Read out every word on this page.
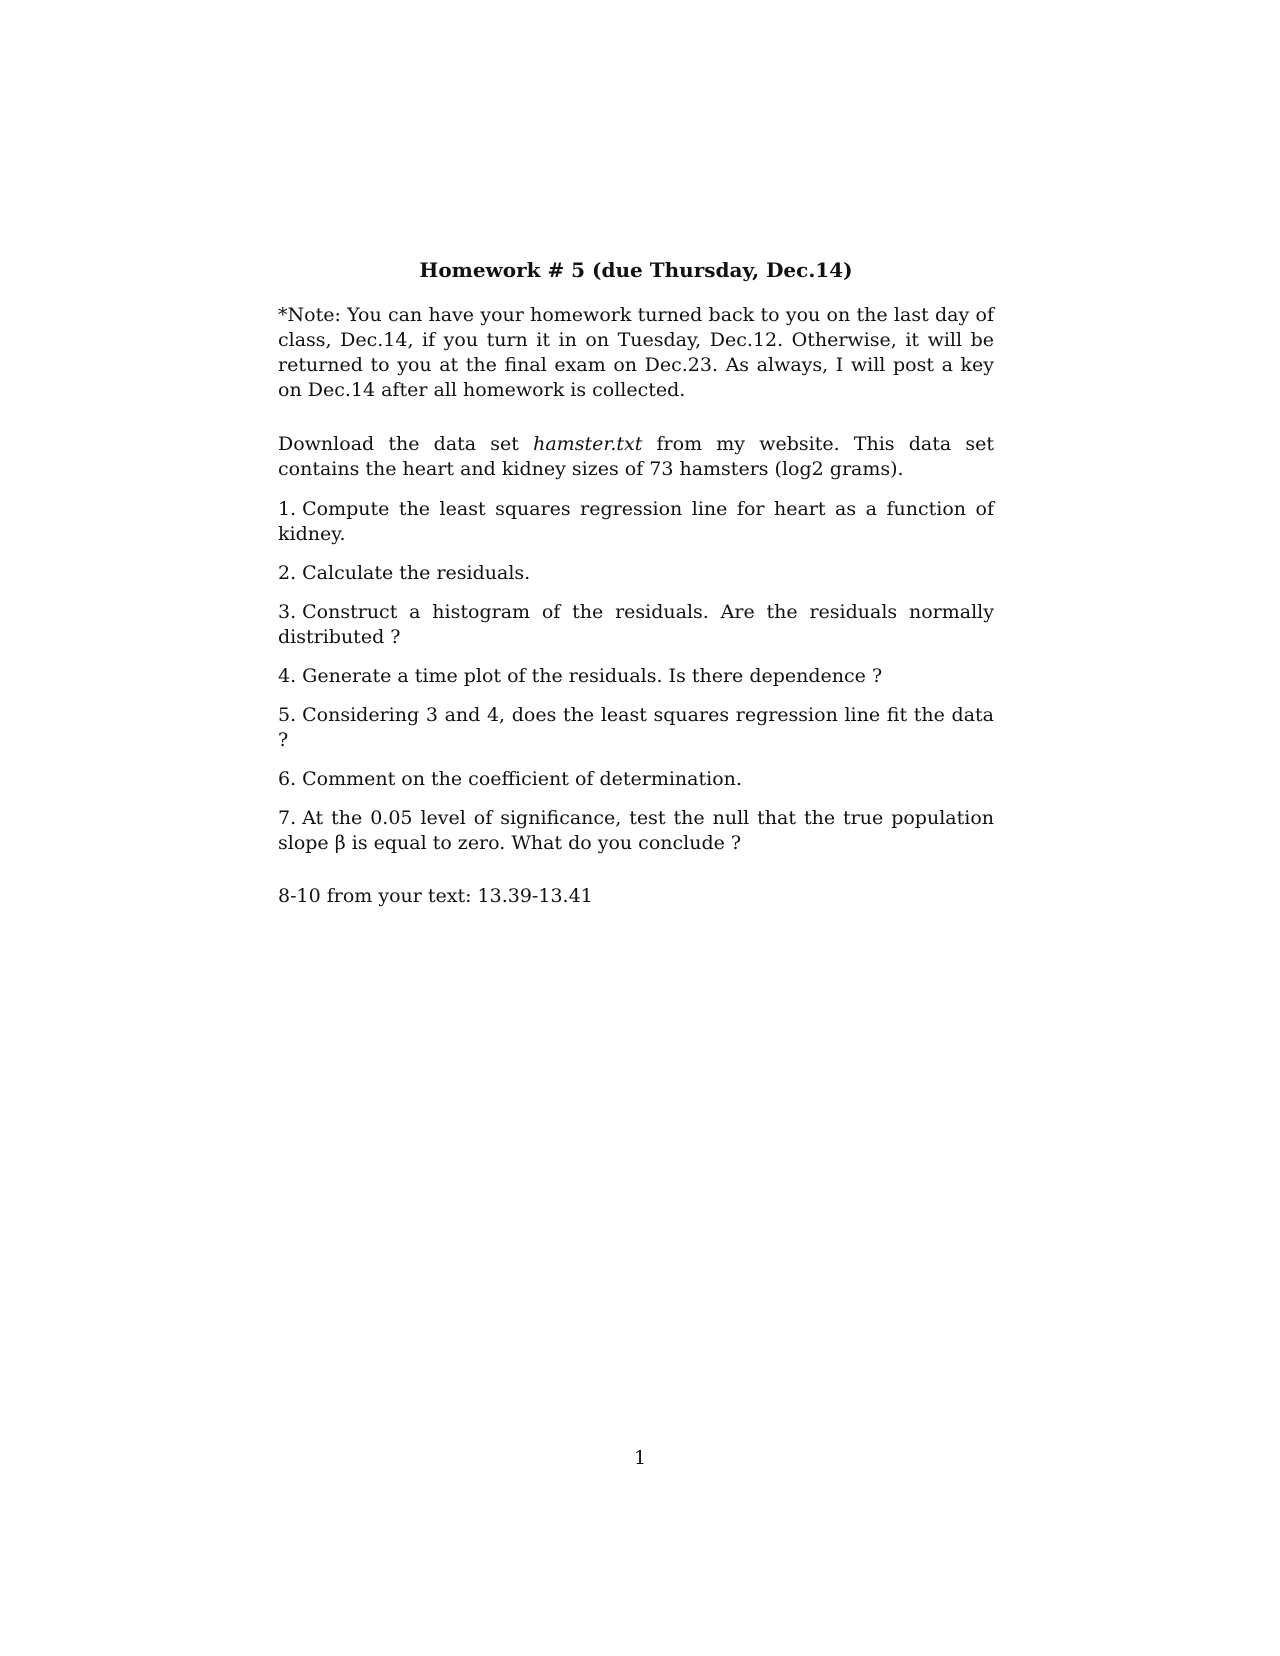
Homework # 5 (due Thursday, Dec.14)
*Note: You can have your homework turned back to you on the last day of class, Dec.14, if you turn it in on Tuesday, Dec.12. Otherwise, it will be returned to you at the final exam on Dec.23. As always, I will post a key on Dec.14 after all homework is collected.
Download the data set hamster.txt from my website. This data set contains the heart and kidney sizes of 73 hamsters (log2 grams).
1. Compute the least squares regression line for heart as a function of kidney.
2. Calculate the residuals.
3. Construct a histogram of the residuals. Are the residuals normally distributed ?
4. Generate a time plot of the residuals. Is there dependence ?
5. Considering 3 and 4, does the least squares regression line fit the data ?
6. Comment on the coefficient of determination.
7. At the 0.05 level of significance, test the null that the true population slope β is equal to zero. What do you conclude ?
8-10 from your text: 13.39-13.41
1
